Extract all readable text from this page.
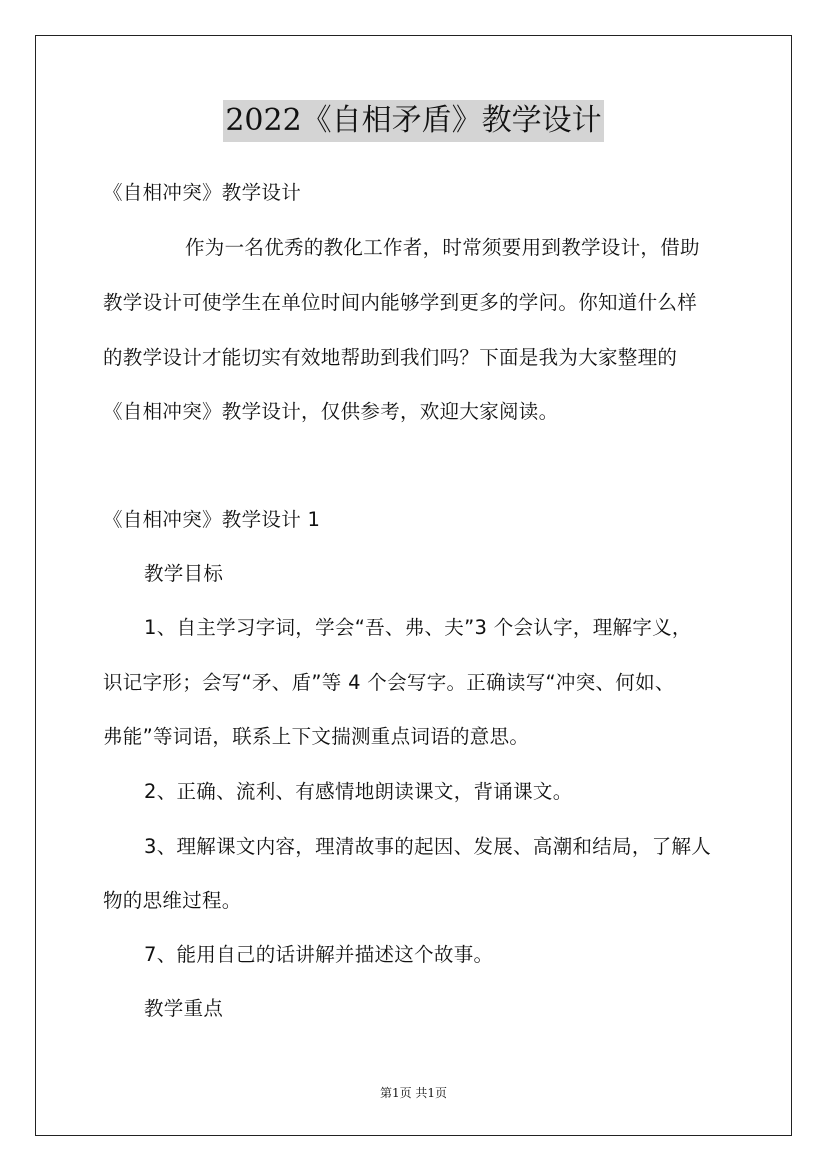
2022《自相矛盾》教学设计
《自相冲突》教学设计
作为一名优秀的教化工作者，时常须要用到教学设计，借助
教学设计可使学生在单位时间内能够学到更多的学问。你知道什么样
的教学设计才能切实有效地帮助到我们吗？下面是我为大家整理的
《自相冲突》教学设计，仅供参考，欢迎大家阅读。
《自相冲突》教学设计 1
教学目标
1、自主学习字词，学会“吾、弗、夫”3 个会认字，理解字义，
识记字形；会写“矛、盾”等 4 个会写字。正确读写“冲突、何如、
弗能”等词语，联系上下文揣测重点词语的意思。
2、正确、流利、有感情地朗读课文，背诵课文。
3、理解课文内容，理清故事的起因、发展、高潮和结局，了解人
物的思维过程。
7、能用自己的话讲解并描述这个故事。
教学重点
第1页 共1页
